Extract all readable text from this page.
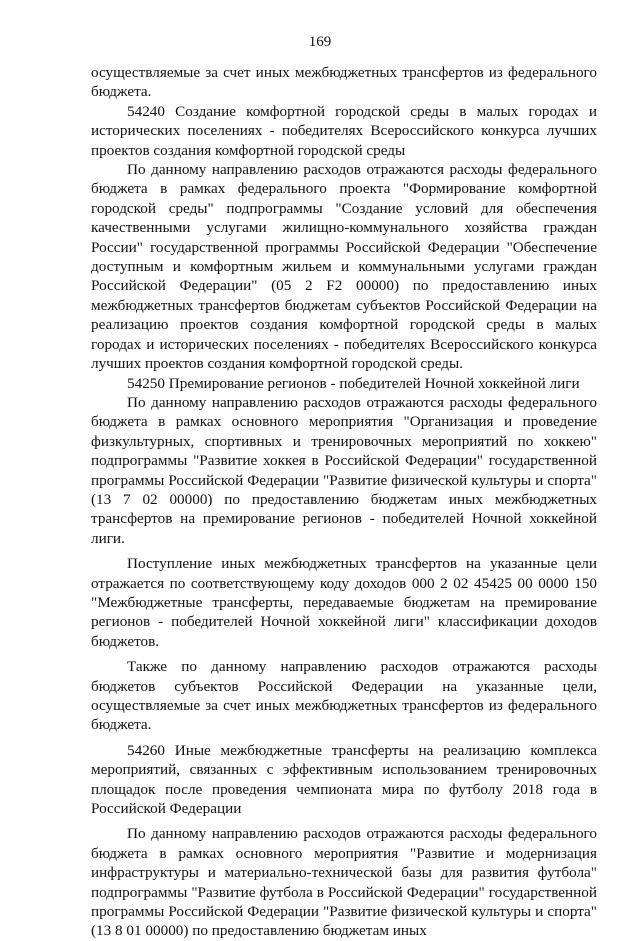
169

осуществляемые за счет иных межбюджетных трансфертов из федерального бюджета.

54240 Создание комфортной городской среды в малых городах и исторических поселениях - победителях Всероссийского конкурса лучших проектов создания комфортной городской среды

По данному направлению расходов отражаются расходы федерального бюджета в рамках федерального проекта "Формирование комфортной городской среды" подпрограммы "Создание условий для обеспечения качественными услугами жилищно-коммунального хозяйства граждан России" государственной программы Российской Федерации "Обеспечение доступным и комфортным жильем и коммунальными услугами граждан Российской Федерации" (05 2 F2 00000) по предоставлению иных межбюджетных трансфертов бюджетам субъектов Российской Федерации на реализацию проектов создания комфортной городской среды в малых городах и исторических поселениях - победителях Всероссийского конкурса лучших проектов создания комфортной городской среды.

54250 Премирование регионов - победителей Ночной хоккейной лиги

По данному направлению расходов отражаются расходы федерального бюджета в рамках основного мероприятия "Организация и проведение физкультурных, спортивных и тренировочных мероприятий по хоккею" подпрограммы "Развитие хоккея в Российской Федерации" государственной программы Российской Федерации "Развитие физической культуры и спорта" (13 7 02 00000) по предоставлению бюджетам иных межбюджетных трансфертов на премирование регионов - победителей Ночной хоккейной лиги.

Поступление иных межбюджетных трансфертов на указанные цели отражается по соответствующему коду доходов 000 2 02 45425 00 0000 150 "Межбюджетные трансферты, передаваемые бюджетам на премирование регионов - победителей Ночной хоккейной лиги" классификации доходов бюджетов.

Также по данному направлению расходов отражаются расходы бюджетов субъектов Российской Федерации на указанные цели, осуществляемые за счет иных межбюджетных трансфертов из федерального бюджета.

54260 Иные межбюджетные трансферты на реализацию комплекса мероприятий, связанных с эффективным использованием тренировочных площадок после проведения чемпионата мира по футболу 2018 года в Российской Федерации

По данному направлению расходов отражаются расходы федерального бюджета в рамках основного мероприятия "Развитие и модернизация инфраструктуры и материально-технической базы для развития футбола" подпрограммы "Развитие футбола в Российской Федерации" государственной программы Российской Федерации "Развитие физической культуры и спорта" (13 8 01 00000) по предоставлению бюджетам иных
